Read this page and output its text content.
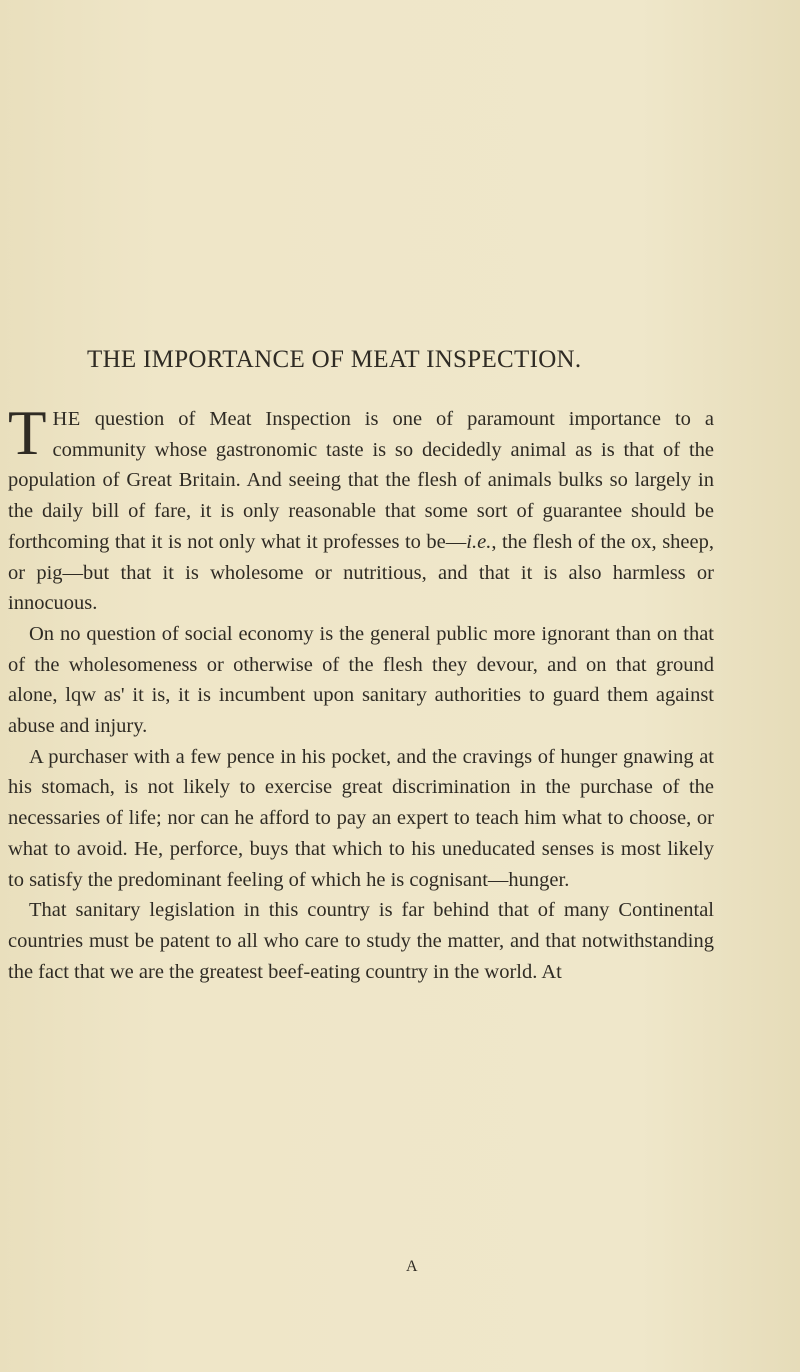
THE IMPORTANCE OF MEAT INSPECTION.

THE question of Meat Inspection is one of paramount importance to a community whose gastronomic taste is so decidedly animal as is that of the population of Great Britain. And seeing that the flesh of animals bulks so largely in the daily bill of fare, it is only reasonable that some sort of guarantee should be forthcoming that it is not only what it professes to be—i.e., the flesh of the ox, sheep, or pig—but that it is wholesome or nutritious, and that it is also harmless or innocuous.

On no question of social economy is the general public more ignorant than on that of the wholesomeness or otherwise of the flesh they devour, and on that ground alone, lqw as' it is, it is incumbent upon sanitary authorities to guard them against abuse and injury.

A purchaser with a few pence in his pocket, and the cravings of hunger gnawing at his stomach, is not likely to exercise great discrimination in the purchase of the necessaries of life; nor can he afford to pay an expert to teach him what to choose, or what to avoid. He, perforce, buys that which to his uneducated senses is most likely to satisfy the predominant feeling of which he is cognisant—hunger.

That sanitary legislation in this country is far behind that of many Continental countries must be patent to all who care to study the matter, and that notwithstanding the fact that we are the greatest beef-eating country in the world. At

A
